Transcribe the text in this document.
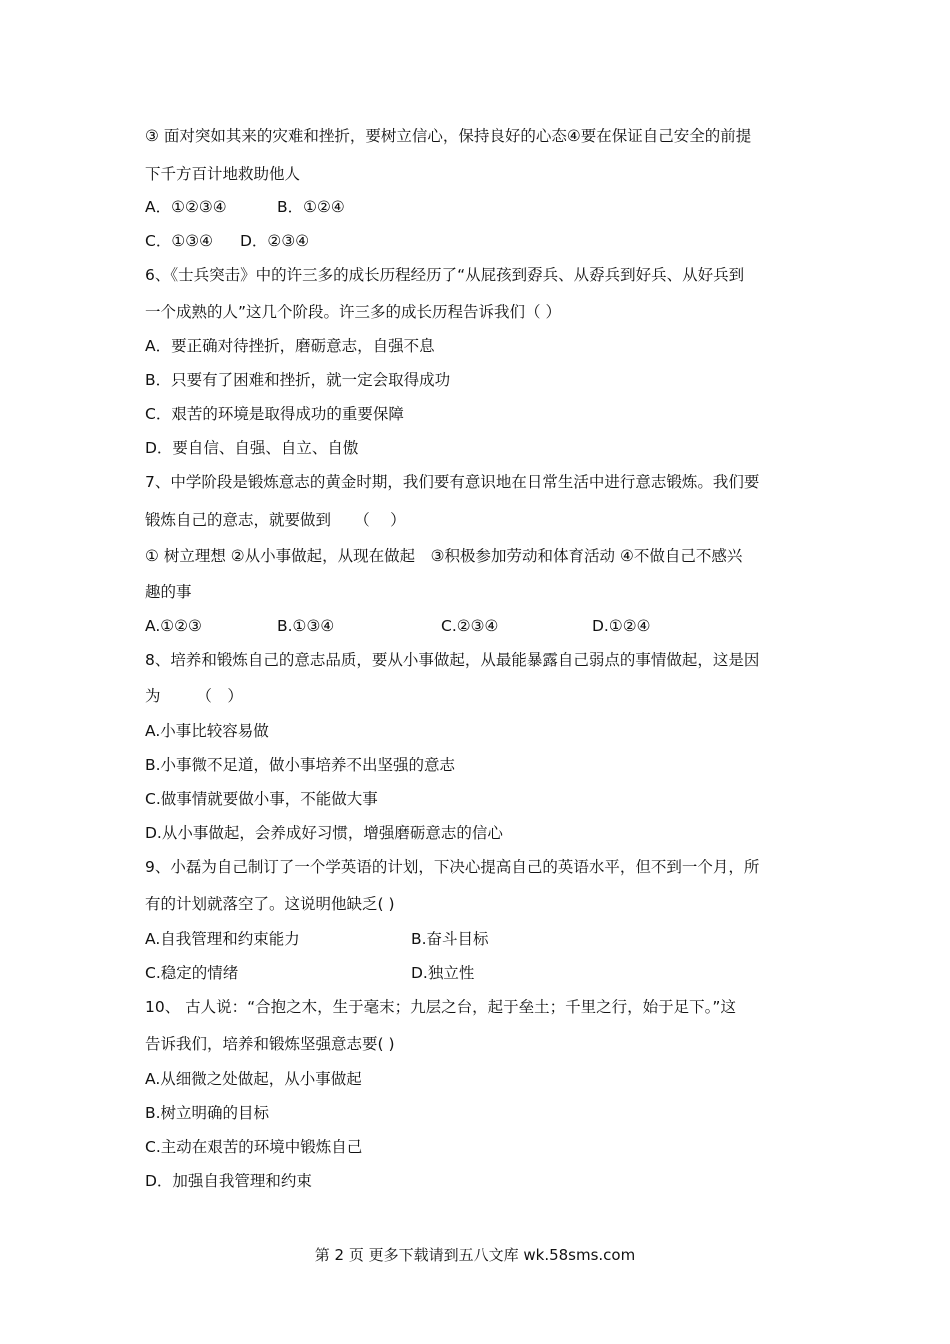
③ 面对突如其来的灾难和挫折，要树立信心，保持良好的心态④要在保证自己安全的前提
下千方百计地救助他人
A．①②③④	B．①②④
C．①③④ D．②③④
6、《士兵突击》中的许三多的成长历程经历了“从屁孩到孬兵、从孬兵到好兵、从好兵到
一个成熟的人”这几个阶段。许三多的成长历程告诉我们（ ）
A．要正确对待挫折，磨砺意志，自强不息
B．只要有了困难和挫折，就一定会取得成功
C．艰苦的环境是取得成功的重要保障
D．要自信、自强、自立、自傲
7、中学阶段是锻炼意志的黄金时期，我们要有意识地在日常生活中进行意志锻炼。我们要
锻炼自己的意志，就要做到　　（　 ）
① 树立理想 ②从小事做起，从现在做起　③积极参加劳动和体育活动 ④不做自己不感兴
趣的事
A.①②③	B.①③④	C.②③④	D.①②④
8、培养和锻炼自己的意志品质，要从小事做起，从最能暴露自己弱点的事情做起，这是因
为　　 （　）
A.小事比较容易做
B.小事微不足道，做小事培养不出坚强的意志
C.做事情就要做小事，不能做大事
D.从小事做起，会养成好习惯，增强磨砺意志的信心
9、小磊为自己制订了一个学英语的计划，下决心提高自己的英语水平，但不到一个月，所
有的计划就落空了。这说明他缺乏( )
A.自我管理和约束能力	B.奋斗目标
C.稳定的情绪	D.独立性
10、 古人说：“合抱之木，生于毫末；九层之台，起于垒土；千里之行，始于足下。”这
告诉我们，培养和锻炼坚强意志要( )
A.从细微之处做起，从小事做起
B.树立明确的目标
C.主动在艰苦的环境中锻炼自己
D．加强自我管理和约束
第 2 页 更多下载请到五八文库 wk.58sms.com
